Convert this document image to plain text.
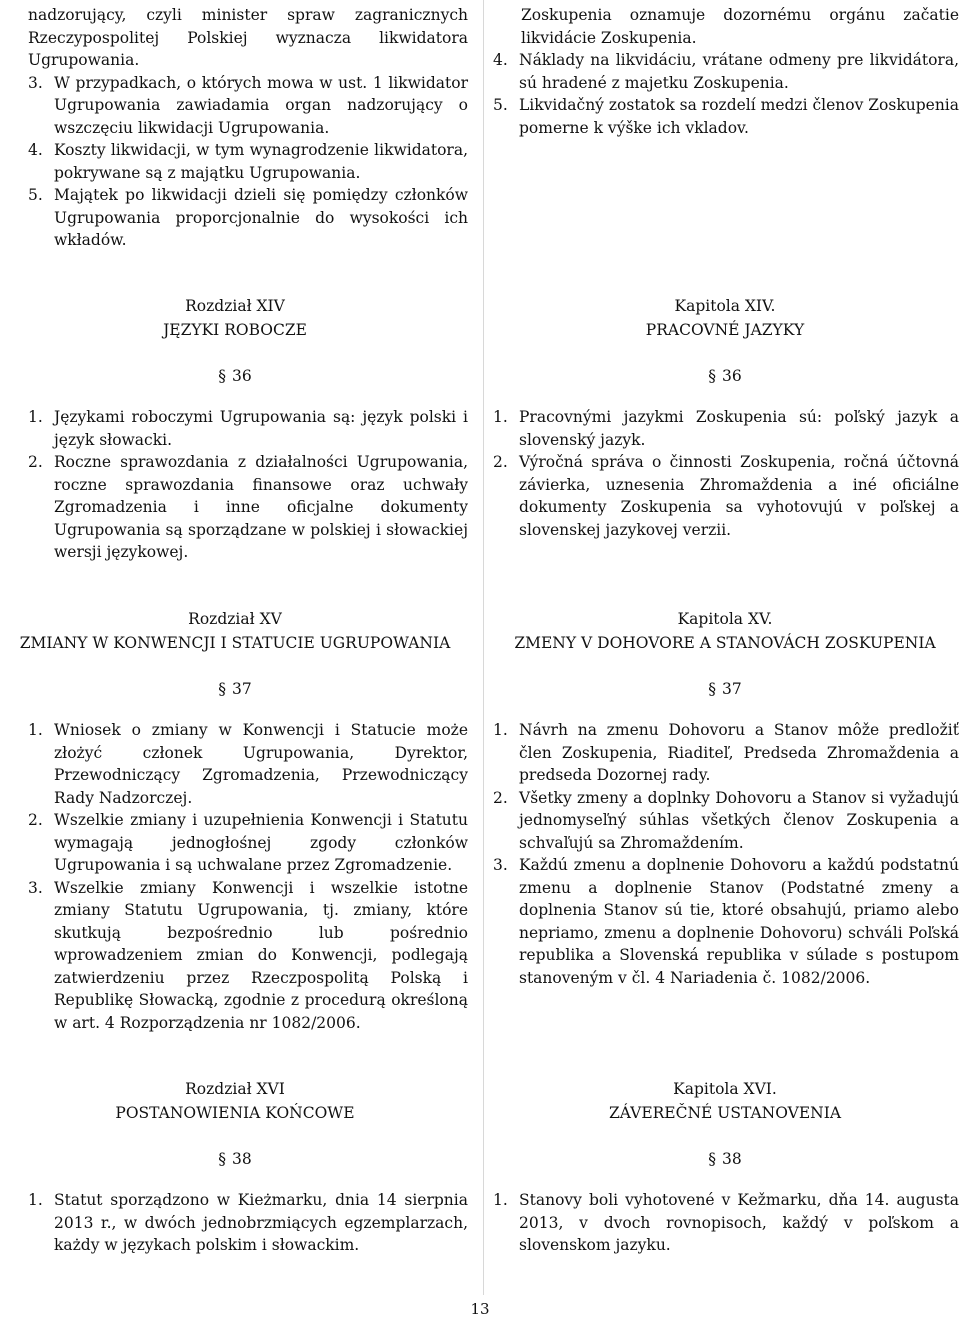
nadzorujący, czyli minister spraw zagranicznych Rzeczypospolitej Polskiej wyznacza likwidatora Ugrupowania.
3. W przypadkach, o których mowa w ust. 1 likwidator Ugrupowania zawiadamia organ nadzorujący o wszczęciu likwidacji Ugrupowania.
4. Koszty likwidacji, w tym wynagrodzenie likwidatora, pokrywane są z majątku Ugrupowania.
5. Majątek po likwidacji dzieli się pomiędzy członków Ugrupowania proporcjonalnie do wysokości ich wkładów.
Zoskupenia oznamuje dozornému orgánu začatie likvidácie Zoskupenia.
4. Náklady na likvidáciu, vrátane odmeny pre likvidátora, sú hradené z majetku Zoskupenia.
5. Likvidačný zostatok sa rozdelí medzi členov Zoskupenia pomerne k výške ich vkladov.
Rozdział XIV
JĘZYKI ROBOCZE
§ 36
Kapitola XIV.
PRACOVNÉ JAZYKY
§ 36
1. Językami roboczymi Ugrupowania są: język polski i język słowacki.
2. Roczne sprawozdania z działalności Ugrupowania, roczne sprawozdania finansowe oraz uchwały Zgromadzenia i inne oficjalne dokumenty Ugrupowania są sporządzane w polskiej i słowackiej wersji językowej.
1. Pracovnými jazykmi Zoskupenia sú: poľský jazyk a slovenský jazyk.
2. Výročná správa o činnosti Zoskupenia, ročná účtovná závierka, uznesenia Zhromaždenia a iné oficiálne dokumenty Zoskupenia sa vyhotovujú v poľskej a slovenskej jazykovej verzii.
Rozdział XV
ZMIANY W KONWENCJI I STATUCIE UGRUPOWANIA
§ 37
Kapitola XV.
ZMENY V DOHOVORE A STANOVÁCH ZOSKUPENIA
§ 37
1. Wniosek o zmiany w Konwencji i Statucie może złożyć członek Ugrupowania, Dyrektor, Przewodniczący Zgromadzenia, Przewodniczący Rady Nadzorczej.
2. Wszelkie zmiany i uzupełnienia Konwencji i Statutu wymagają jednogłośnej zgody członków Ugrupowania i są uchwalane przez Zgromadzenie.
3. Wszelkie zmiany Konwencji i wszelkie istotne zmiany Statutu Ugrupowania, tj. zmiany, które skutkują bezpośrednio lub pośrednio wprowadzeniem zmian do Konwencji, podlegają zatwierdzeniu przez Rzeczpospolitą Polską i Republikę Słowacką, zgodnie z procedurą określoną w art. 4 Rozporządzenia nr 1082/2006.
1. Návrh na zmenu Dohovoru a Stanov môže predložiť člen Zoskupenia, Riaditeľ, Predseda Zhromaždenia a predseda Dozornej rady.
2. Všetky zmeny a doplnky Dohovoru a Stanov si vyžadujú jednomyseľný súhlas všetkých členov Zoskupenia a schvaľujú sa Zhromaždením.
3. Každú zmenu a doplnenie Dohovoru a každú podstatnú zmenu a doplnenie Stanov (Podstatné zmeny a doplnenia Stanov sú tie, ktoré obsahujú, priamo alebo nepriamo, zmenu a doplnenie Dohovoru) schváli Poľská republika a Slovenská republika v súlade s postupom stanoveným v čl. 4 Nariadenia č. 1082/2006.
Rozdział XVI
POSTANOWIENIA KOŃCOWE
§ 38
Kapitola XVI.
ZÁVEREČNÉ USTANOVENIA
§ 38
1. Statut sporządzono w Kieżmarku, dnia 14 sierpnia 2013 r., w dwóch jednobrzmiących egzemplarzach, każdy w językach polskim i słowackim.
1. Stanovy boli vyhotovené v Kežmarku, dňa 14. augusta 2013, v dvoch rovnopisoch, každý v poľskom a slovenskom jazyku.
13
